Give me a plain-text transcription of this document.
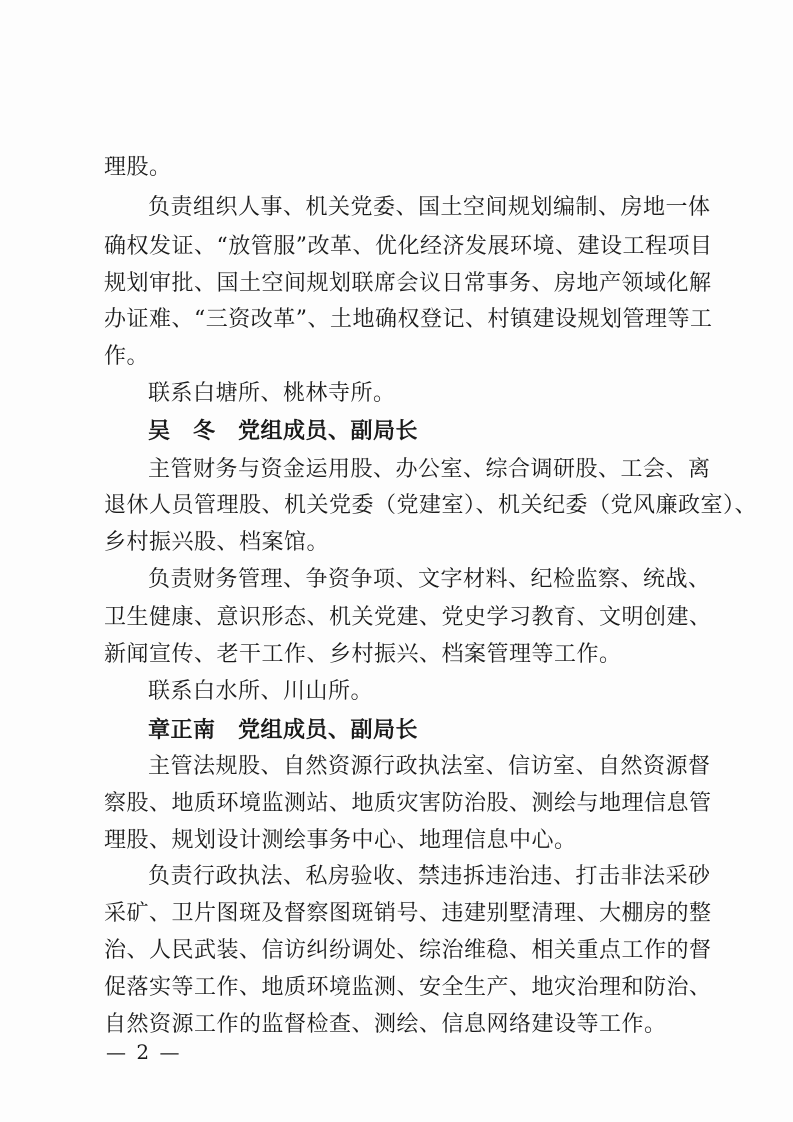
理股。
负责组织人事、机关党委、国土空间规划编制、房地一体
确权发证、“放管服”改革、优化经济发展环境、建设工程项目
规划审批、国土空间规划联席会议日常事务、房地产领域化解
办证难、“三资改革”、土地确权登记、村镇建设规划管理等工
作。
联系白塘所、桃林寺所。
吴　冬　党组成员、副局长
主管财务与资金运用股、办公室、综合调研股、工会、离
退休人员管理股、机关党委（党建室）、机关纪委（党风廉政室）、
乡村振兴股、档案馆。
负责财务管理、争资争项、文字材料、纪检监察、统战、
卫生健康、意识形态、机关党建、党史学习教育、文明创建、
新闻宣传、老干工作、乡村振兴、档案管理等工作。
联系白水所、川山所。
章正南　党组成员、副局长
主管法规股、自然资源行政执法室、信访室、自然资源督
察股、地质环境监测站、地质灾害防治股、测绘与地理信息管
理股、规划设计测绘事务中心、地理信息中心。
负责行政执法、私房验收、禁违拆违治违、打击非法采砂
采矿、卫片图斑及督察图斑销号、违建别墅清理、大棚房的整
治、人民武装、信访纠纷调处、综治维稳、相关重点工作的督
促落实等工作、地质环境监测、安全生产、地灾治理和防治、
自然资源工作的监督检查、测绘、信息网络建设等工作。
— 2 —
